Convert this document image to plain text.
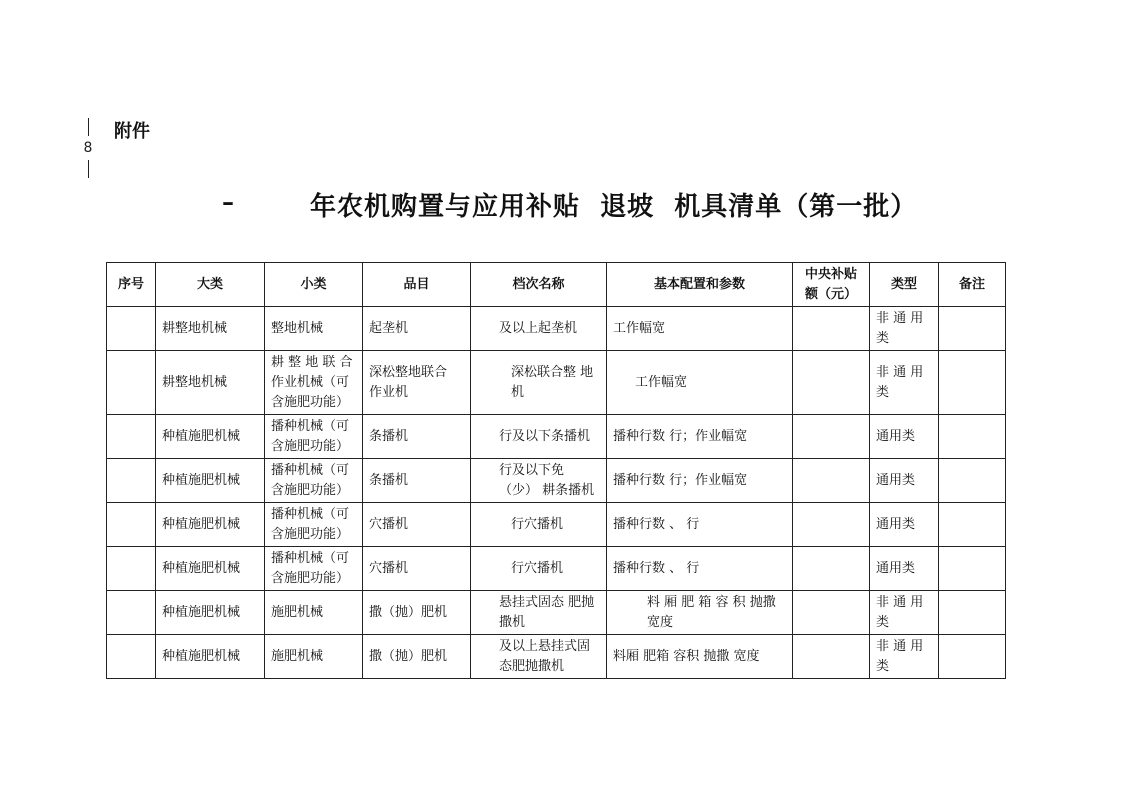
8
附件
–	年农机购置与应用补贴  退坡  机具清单（第一批）
序号	大类	小类	品目	档次名称	基本配置和参数	中央补贴额（元）	类型	备注
	耕整地机械	整地机械	起垄机	及以上起垄机	工作幅宽		非 通 用 类	
	耕整地机械	耕 整 地 联 合 作业机械（可 含施肥功能）	深松整地联合 作业机	深松联合整 地机	工作幅宽		非 通 用 类	
	种植施肥机械	播种机械（可 含施肥功能）	条播机	行及以下条播机	播种行数 行；作业幅宽		通用类	
	种植施肥机械	播种机械（可 含施肥功能）	条播机	行及以下免（少） 耕条播机	播种行数 行；作业幅宽		通用类	
	种植施肥机械	播种机械（可 含施肥功能）	穴播机	行穴播机	播种行数 、 行		通用类	
	种植施肥机械	播种机械（可 含施肥功能）	穴播机	行穴播机	播种行数 、 行		通用类	
	种植施肥机械	施肥机械	撒（抛）肥机	悬挂式固态 肥抛撒机	料 厢 肥 箱 容 积 抛撒宽度		非 通 用 类	
	种植施肥机械	施肥机械	撒（抛）肥机	及以上悬挂式固 态肥抛撒机	料厢 肥箱 容积 抛撒 宽度		非 通 用 类	
